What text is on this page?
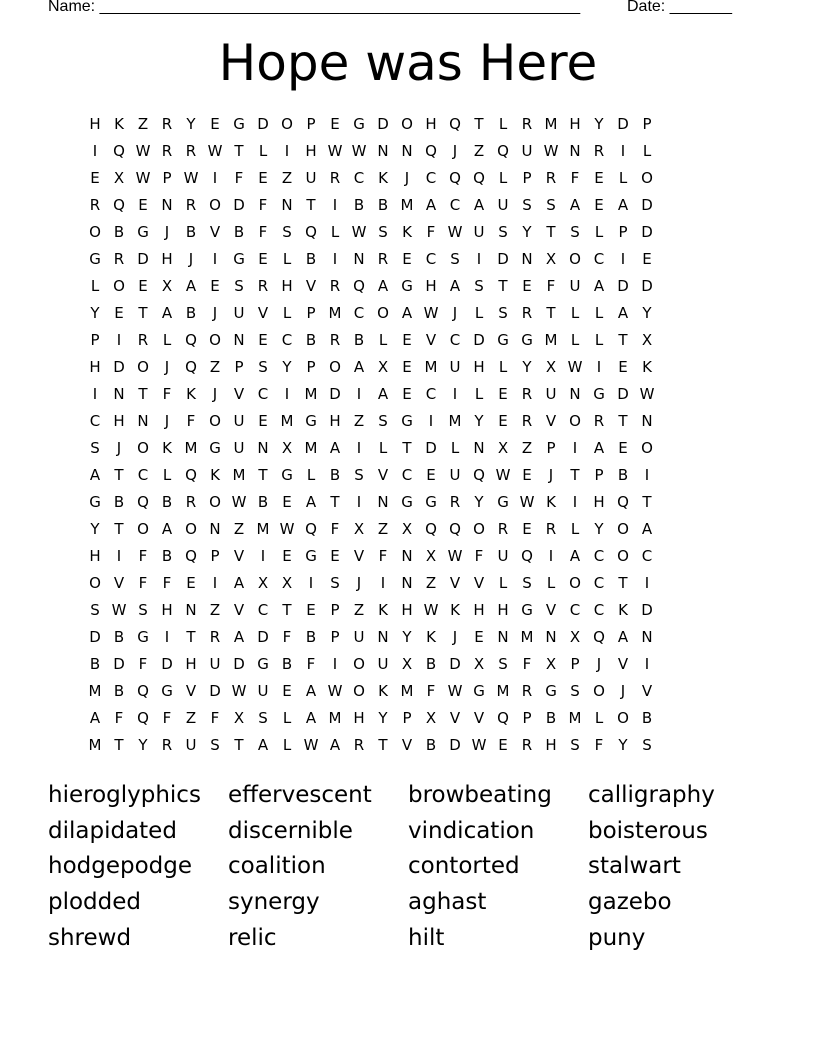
Name: ______________________________________________________	Date: _______
Hope was Here
H K Z R Y E G D O P E G D O H Q T	L R M H Y D P
I	Q W R R W T	L	I	H W W N N Q	J	Z Q U W N R	I	L
E X W P W I	F E Z U R C K	J	C Q Q L	P R F E	L O
R Q E N R O D F N T	I	B B M A C A U S S A E A D
O B G	J	B V B F S Q L W S K F W U S Y T S	L	P D
G R D H	J	I	G E	L B	I	N R E C S	I	D N X O C	I	E
L O E X A E S R H V R Q A G H A S T E F U A D D
Y E T A B	J	U V L	P M C O A W J	L	S R T	L	L A Y
P	I	R L Q O N E C B R B L	E V C D G G M L	L	T X
H D O	J	Q Z P S Y P O A X E M U H L	Y X W I	E K
I	N T	F K	J	V C	I	M D	I	A E C	I	L	E R U N G D W
C H N	J	F O U E M G H Z S G	I	M Y E R V O R T N
S	J	O K M G U N X M A	I	L	T D L N X Z P	I	A E O
A T C L Q K M T G L B S V C E U Q W E	J	T P B	I
G B Q B R O W B E A T	I	N G G R Y G W K	I	H Q T
Y T O A O N Z M W Q F X Z X Q Q O R E R L	Y O A
H	I	F B Q P V	I	E G E V F N X W F U Q	I	A C O C
O V F	F E	I	A X X	I	S	J	I	N Z V V L	S	L O C T	I
S W S H N Z V C T E P Z K H W K H H G V C C K D
D B G	I	T R A D F B P U N Y K	J	E N M N X Q A N
B D F D H U D G B F	I	O U X B D X S F X P	J	V	I
M B Q G V D W U E A W O K M F W G M R G S O	J	V
A F Q F Z F X S	L A M H Y P X V V Q P B M L O B
M T Y R U S T A L W A R T V B D W E R H S F	Y S
hieroglyphics	effervescent	browbeating	calligraphy
dilapidated	discernible	vindication	boisterous
hodgepodge	coalition	contorted	stalwart
plodded	synergy	aghast	gazebo
shrewd	relic	hilt	puny
